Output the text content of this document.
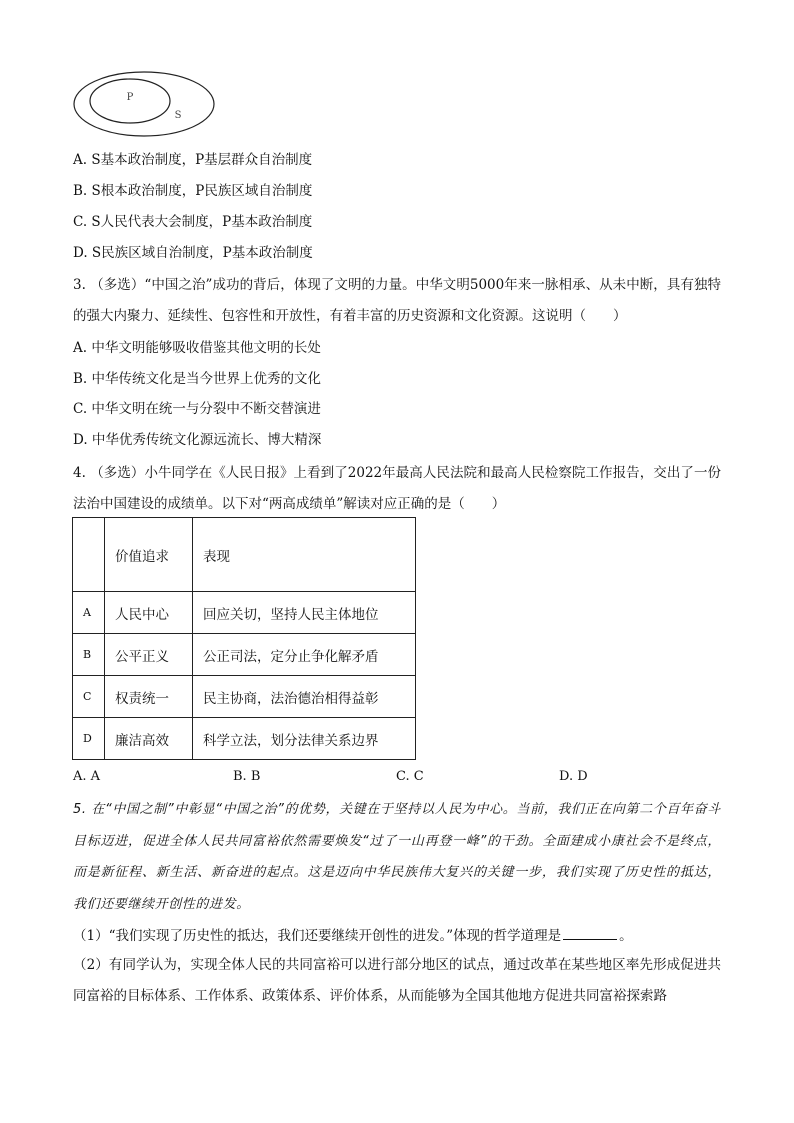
P
S
A. S基本政治制度，P基层群众自治制度
B. S根本政治制度，P民族区域自治制度
C. S人民代表大会制度，P基本政治制度
D. S民族区域自治制度，P基本政治制度
3. （多选）“中国之治”成功的背后，体现了文明的力量。中华文明5000年来一脉相承、从未中断，具有独特的强大内聚力、延续性、包容性和开放性，有着丰富的历史资源和文化资源。这说明（　　）
A. 中华文明能够吸收借鉴其他文明的长处
B. 中华传统文化是当今世界上优秀的文化
C. 中华文明在统一与分裂中不断交替演进
D. 中华优秀传统文化源远流长、博大精深
4. （多选）小牛同学在《人民日报》上看到了2022年最高人民法院和最高人民检察院工作报告，交出了一份法治中国建设的成绩单。以下对“两高成绩单”解读对应正确的是（　　）
	价值追求	表现
A	人民中心	回应关切，坚持人民主体地位
B	公平正义	公正司法，定分止争化解矛盾
C	权责统一	民主协商，法治德治相得益彰
D	廉洁高效	科学立法，划分法律关系边界
A. A	B. B	C. C	D. D
5. 在“中国之制”中彰显“中国之治”的优势，关键在于坚持以人民为中心。当前，我们正在向第二个百年奋斗目标迈进，促进全体人民共同富裕依然需要焕发“过了一山再登一峰”的干劲。全面建成小康社会不是终点，而是新征程、新生活、新奋进的起点。这是迈向中华民族伟大复兴的关键一步，我们实现了历史性的抵达，我们还要继续开创性的进发。
（1）“我们实现了历史性的抵达，我们还要继续开创性的进发。”体现的哲学道理是	。
（2）有同学认为，实现全体人民的共同富裕可以进行部分地区的试点，通过改革在某些地区率先形成促进共同富裕的目标体系、工作体系、政策体系、评价体系，从而能够为全国其他地方促进共同富裕探索路
